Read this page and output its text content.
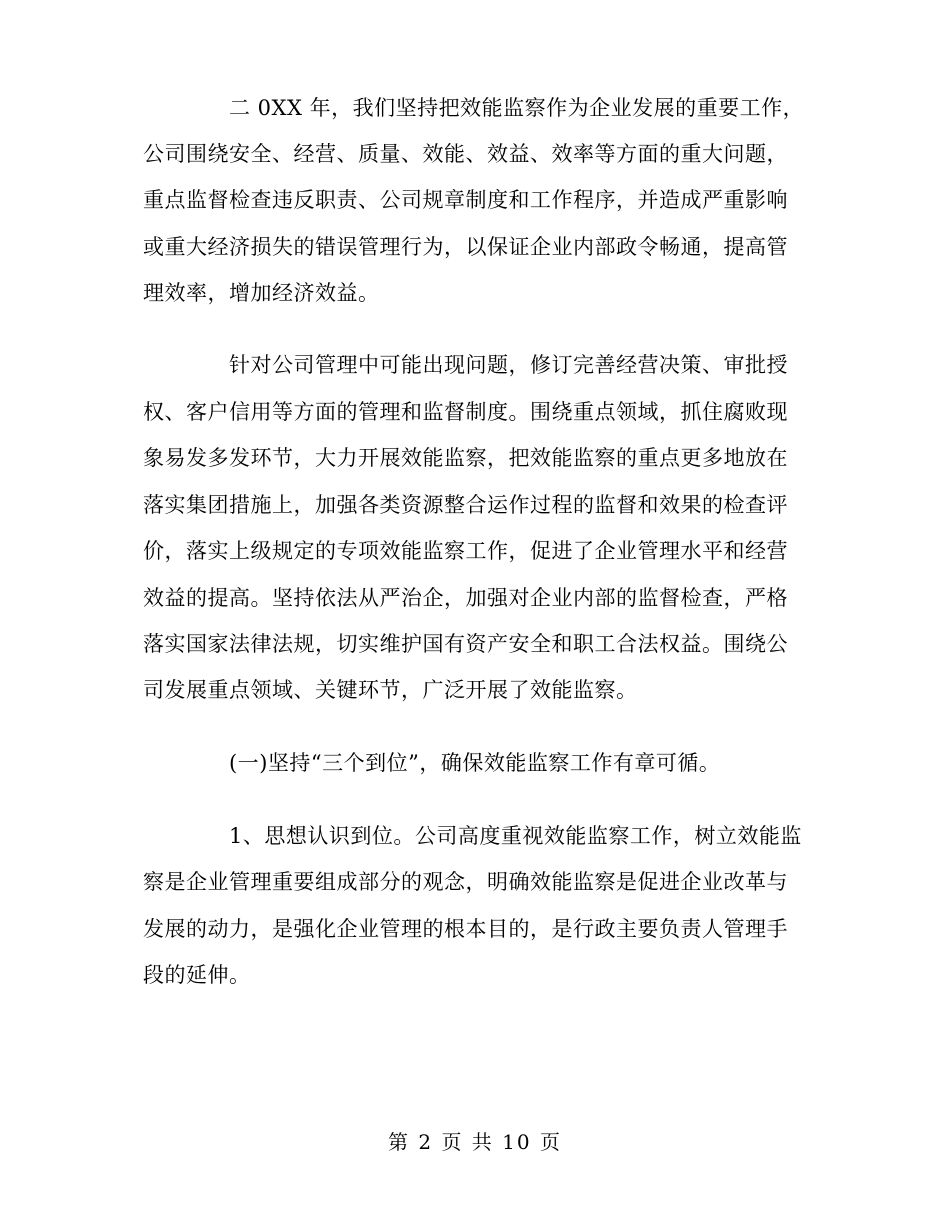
二 0XX 年，我们坚持把效能监察作为企业发展的重要工作，
公司围绕安全、经营、质量、效能、效益、效率等方面的重大问题，
重点监督检查违反职责、公司规章制度和工作程序，并造成严重影响
或重大经济损失的错误管理行为，以保证企业内部政令畅通，提高管
理效率，增加经济效益。
针对公司管理中可能出现问题，修订完善经营决策、审批授
权、客户信用等方面的管理和监督制度。围绕重点领域，抓住腐败现
象易发多发环节，大力开展效能监察，把效能监察的重点更多地放在
落实集团措施上，加强各类资源整合运作过程的监督和效果的检查评
价，落实上级规定的专项效能监察工作，促进了企业管理水平和经营
效益的提高。坚持依法从严治企，加强对企业内部的监督检查，严格
落实国家法律法规，切实维护国有资产安全和职工合法权益。围绕公
司发展重点领域、关键环节，广泛开展了效能监察。
(一)坚持“三个到位”，确保效能监察工作有章可循。
1、思想认识到位。公司高度重视效能监察工作，树立效能监
察是企业管理重要组成部分的观念，明确效能监察是促进企业改革与
发展的动力，是强化企业管理的根本目的，是行政主要负责人管理手
段的延伸。
第 2 页 共 10 页
